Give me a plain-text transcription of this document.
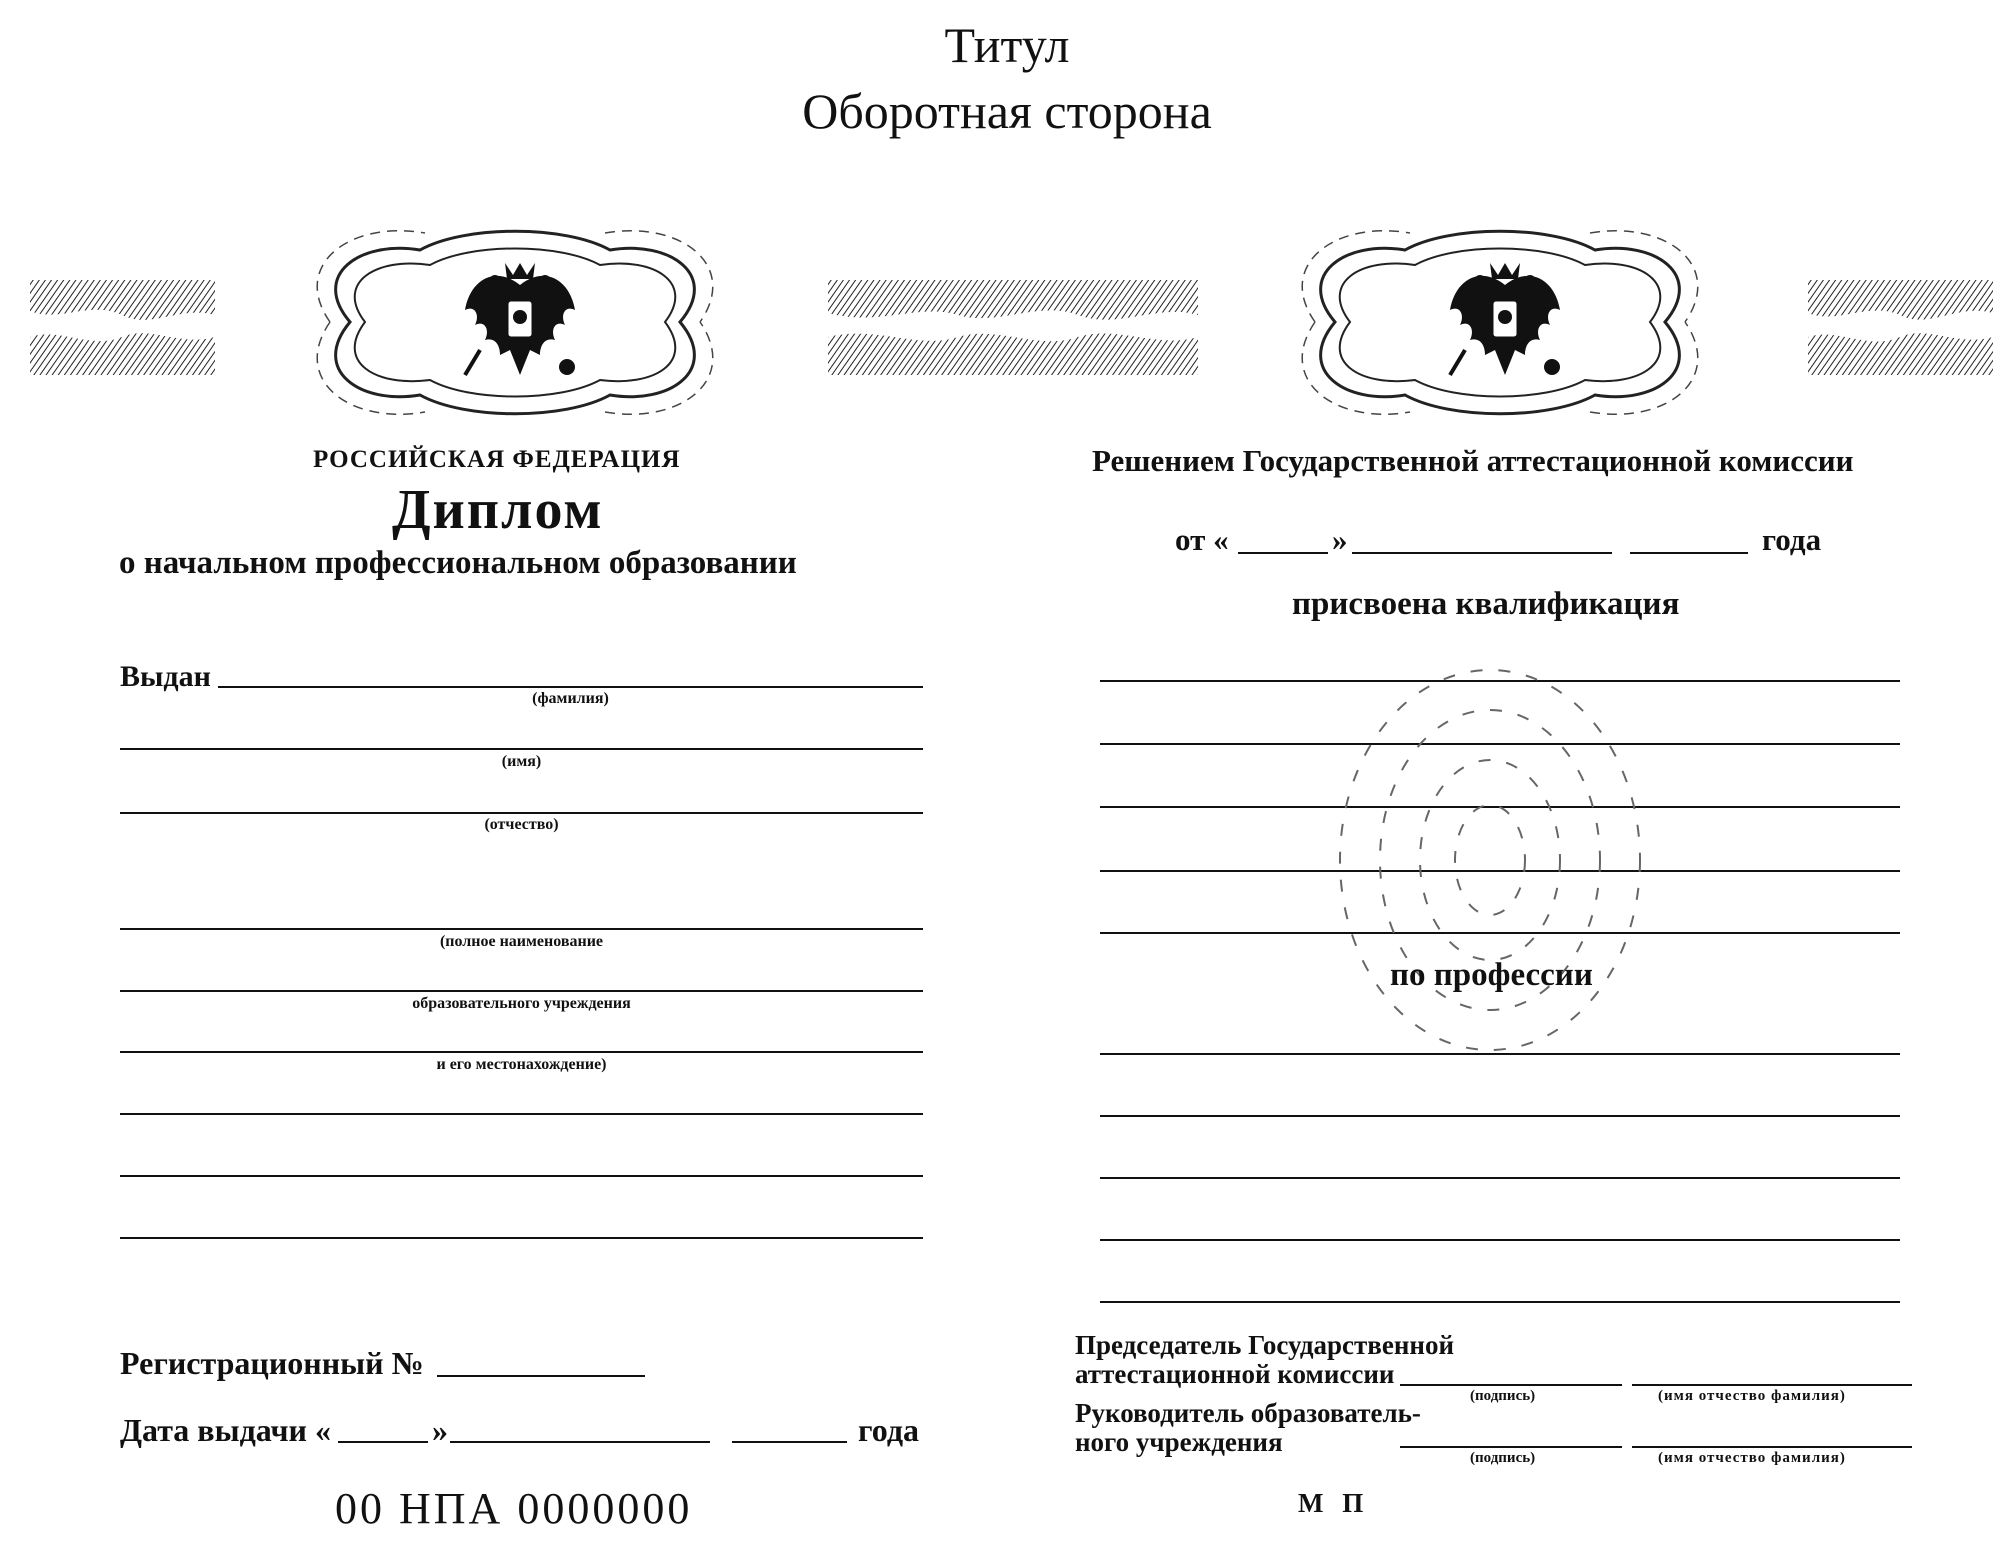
Титул
Оборотная сторона
РОССИЙСКАЯ ФЕДЕРАЦИЯ
Диплом
о начальном профессиональном образовании
Выдан
(фамилия)
(имя)
(отчество)
(полное наименование
образовательного учреждения
и его местонахождение)
Регистрационный №
Дата выдачи «	»	года
00 НПА 0000000
Решением Государственной аттестационной комиссии
от «	»	года
присвоена квалификация
по профессии
Председатель Государственной
аттестационной комиссии
(подпись)	(имя отчество фамилия)
Руководитель образователь-
ного учреждения
(подпись)	(имя отчество фамилия)
М П
